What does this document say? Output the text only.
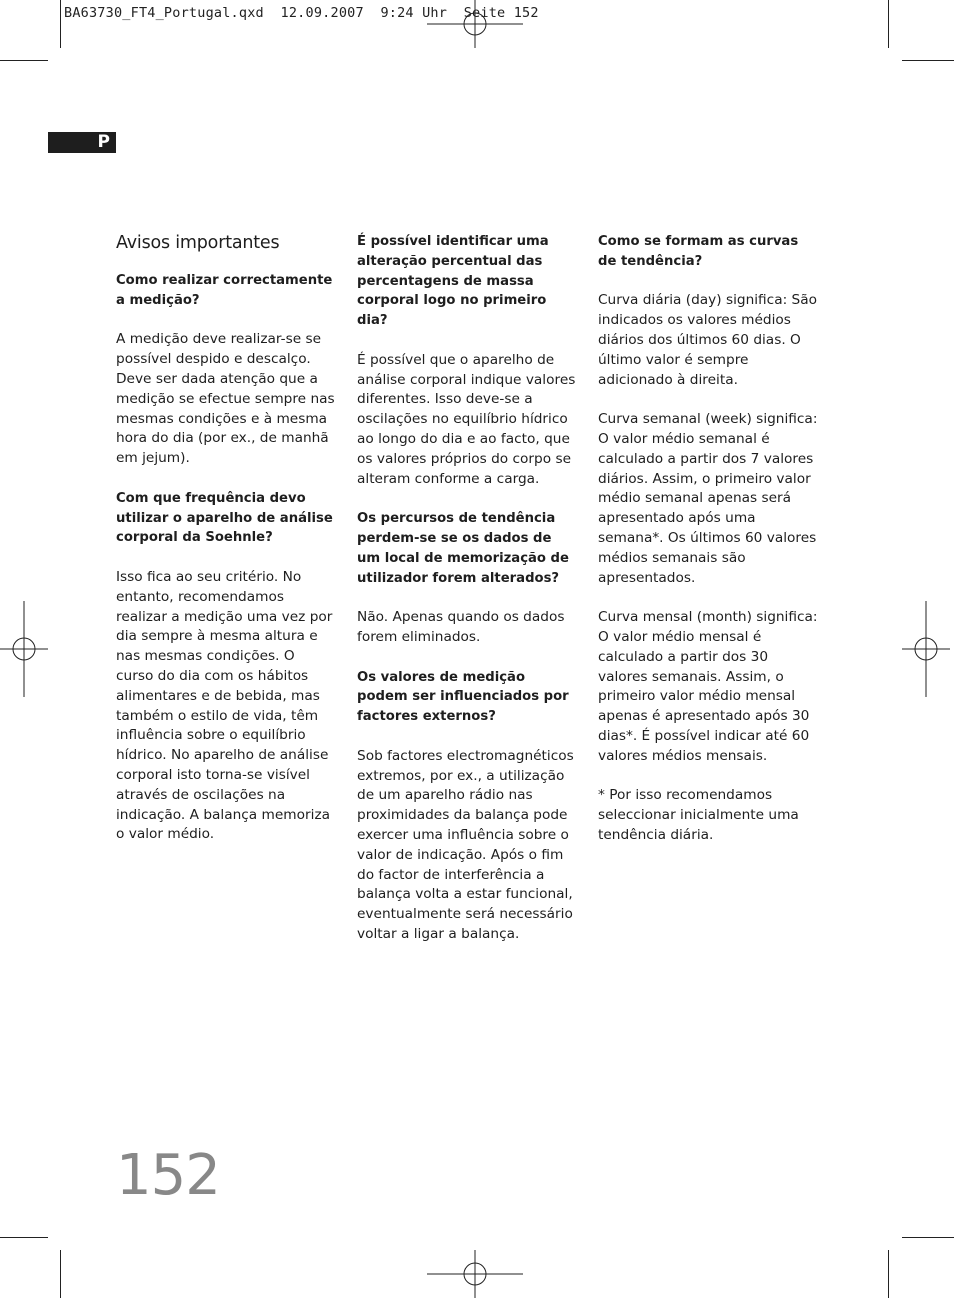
BA63730_FT4_Portugal.qxd  12.09.2007  9:24 Uhr  Seite 152
P
Avisos importantes

Como realizar correctamente a medição?

A medição deve realizar-se se possível despido e descalço. Deve ser dada atenção que a medição se efectue sempre nas mesmas condições e à mesma hora do dia (por ex., de manhã em jejum).

Com que frequência devo utilizar o aparelho de análise corporal da Soehnle?

Isso fica ao seu critério. No entanto, recomendamos realizar a medição uma vez por dia sempre à mesma altura e nas mesmas condições. O curso do dia com os hábitos alimentares e de bebida, mas também o estilo de vida, têm influência sobre o equilíbrio hídrico. No aparelho de análise corporal isto torna-se visível através de oscilações na indicação. A balança memoriza o valor médio.

É possível identificar uma alteração percentual das percentagens de massa corporal logo no primeiro dia?

É possível que o aparelho de análise corporal indique valores diferentes. Isso deve-se a oscilações no equilíbrio hídrico ao longo do dia e ao facto, que os valores próprios do corpo se alteram conforme a carga.

Os percursos de tendência perdem-se se os dados de um local de memorização de utilizador forem alterados?

Não. Apenas quando os dados forem eliminados.

Os valores de medição podem ser influenciados por factores externos?

Sob factores electromagnéticos extremos, por ex., a utilização de um aparelho rádio nas proximidades da balança pode exercer uma influência sobre o valor de indicação. Após o fim do factor de interferência a balança volta a estar funcional, eventualmente será necessário voltar a ligar a balança.

Como se formam as curvas de tendência?

Curva diária (day) significa: São indicados os valores médios diários dos últimos 60 dias. O último valor é sempre adicionado à direita.

Curva semanal (week) significa: O valor médio semanal é calculado a partir dos 7 valores diários. Assim, o primeiro valor médio semanal apenas será apresentado após uma semana*. Os últimos 60 valores médios semanais são apresentados.

Curva mensal (month) significa: O valor médio mensal é calculado a partir dos 30 valores semanais. Assim, o primeiro valor médio mensal apenas é apresentado após 30 dias*. É possível indicar até 60 valores médios mensais.

* Por isso recomendamos seleccionar inicialmente uma tendência diária.

152
